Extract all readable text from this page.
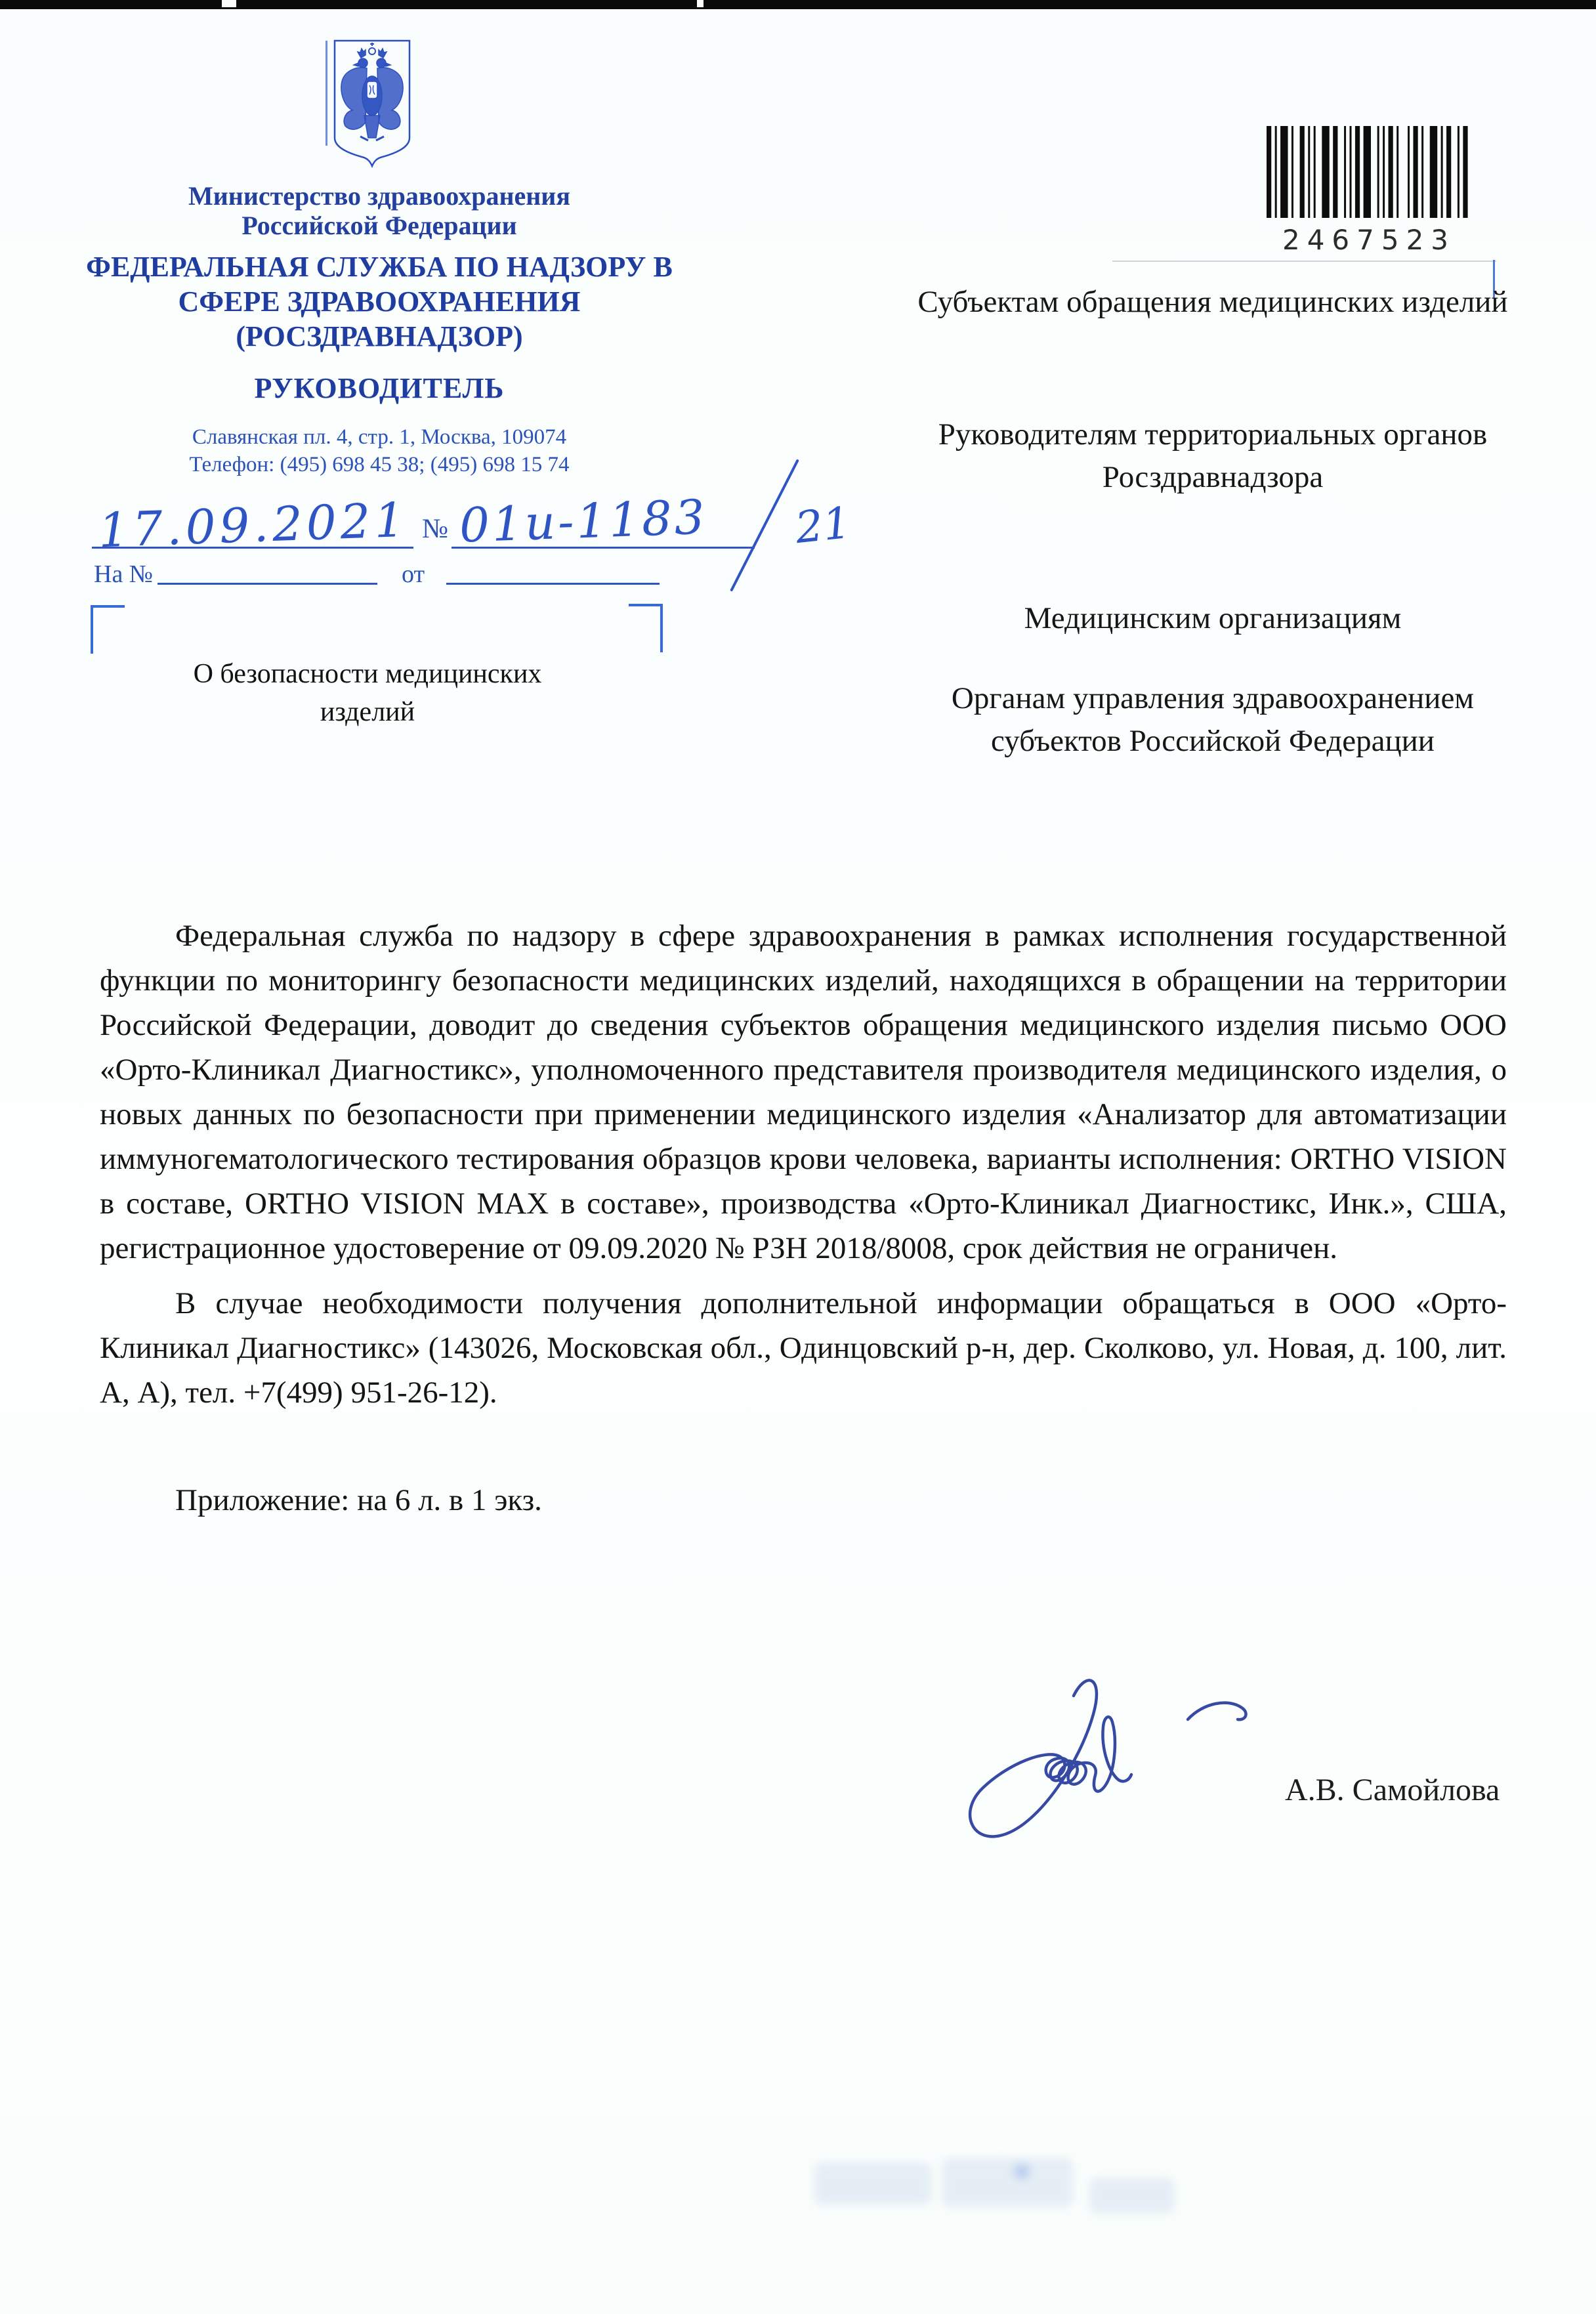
Министерство здравоохранения Российской Федерации
ФЕДЕРАЛЬНАЯ СЛУЖБА ПО НАДЗОРУ В СФЕРЕ ЗДРАВООХРАНЕНИЯ (РОСЗДРАВНАДЗОР)
РУКОВОДИТЕЛЬ
Славянская пл. 4, стр. 1, Москва, 109074
Телефон: (495) 698 45 38; (495) 698 15 74
17.09.2021 № 01и-1183 21
На №	от
2467523
Субъектам обращения медицинских изделий
Руководителям территориальных органов Росздравнадзора
Медицинским организациям
Органам управления здравоохранением субъектов Российской Федерации
О безопасности медицинских изделий

Федеральная служба по надзору в сфере здравоохранения в рамках исполнения государственной функции по мониторингу безопасности медицинских изделий, находящихся в обращении на территории Российской Федерации, доводит до сведения субъектов обращения медицинского изделия письмо ООО «Орто-Клиникал Диагностикс», уполномоченного представителя производителя медицинского изделия, о новых данных по безопасности при применении медицинского изделия «Анализатор для автоматизации иммуногематологического тестирования образцов крови человека, варианты исполнения: ORTHO VISION в составе, ORTHO VISION MAX в составе», производства «Орто-Клиникал Диагностикс, Инк.», США, регистрационное удостоверение от 09.09.2020 № РЗН 2018/8008, срок действия не ограничен.

В случае необходимости получения дополнительной информации обращаться в ООО «Орто-Клиникал Диагностикс» (143026, Московская обл., Одинцовский р-н, дер. Сколково, ул. Новая, д. 100, лит. А, А), тел. +7(499) 951-26-12).

Приложение: на 6 л. в 1 экз.

А.В. Самойлова
